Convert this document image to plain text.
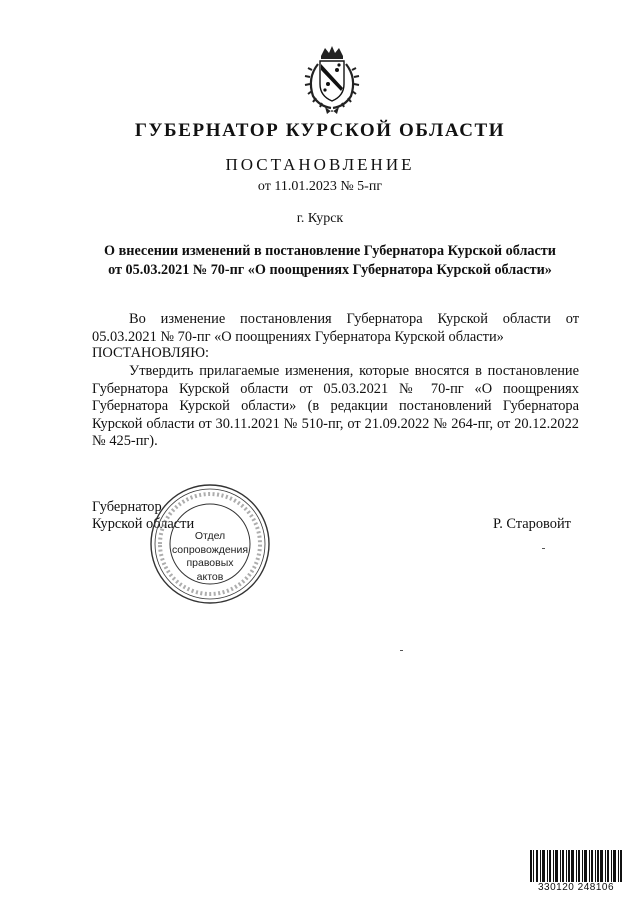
ГУБЕРНАТОР КУРСКОЙ ОБЛАСТИ
ПОСТАНОВЛЕНИЕ
от 11.01.2023 № 5-пг
г. Курск
О внесении изменений в постановление Губернатора Курской области
от 05.03.2021 № 70-пг «О поощрениях Губернатора Курской области»
Во изменение постановления Губернатора Курской области от 05.03.2021 № 70-пг «О поощрениях Губернатора Курской области»
ПОСТАНОВЛЯЮ:
Утвердить прилагаемые изменения, которые вносятся в постановление Губернатора Курской области от 05.03.2021 № 70-пг «О поощрениях Губернатора Курской области» (в редакции постановлений Губернатора Курской области от 30.11.2021 № 510-пг, от 21.09.2022 № 264-пг, от 20.12.2022 № 425-пг).
Губернатор
Курской области	Р. Старовойт
Отдел
сопровождения
правовых
актов
330120 248106
